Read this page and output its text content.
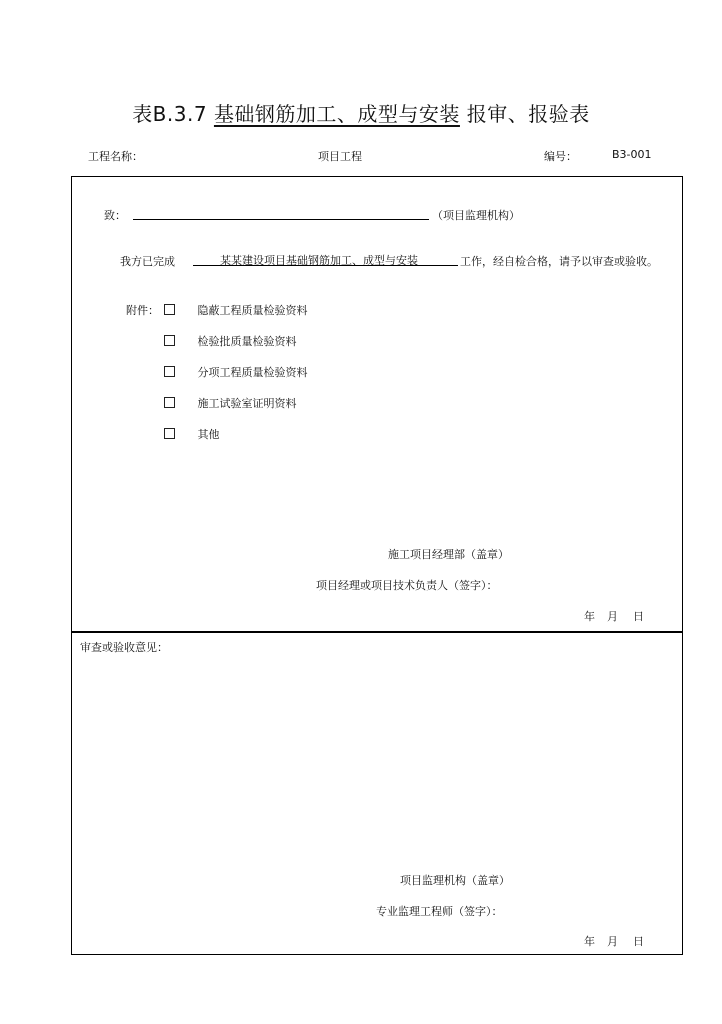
表B.3.7 基础钢筋加工、成型与安装 报审、报验表
工程名称：	项目工程	编号：	B3-001
致：	（项目监理机构）
我方已完成	某某建设项目基础钢筋加工、成型与安装	工作，经自检合格，请予以审查或验收。
附件：	隐蔽工程质量检验资料
检验批质量检验资料
分项工程质量检验资料
施工试验室证明资料
其他
施工项目经理部（盖章）
项目经理或项目技术负责人（签字）：
年 月 日
审查或验收意见：
项目监理机构（盖章）
专业监理工程师（签字）：
年 月 日
